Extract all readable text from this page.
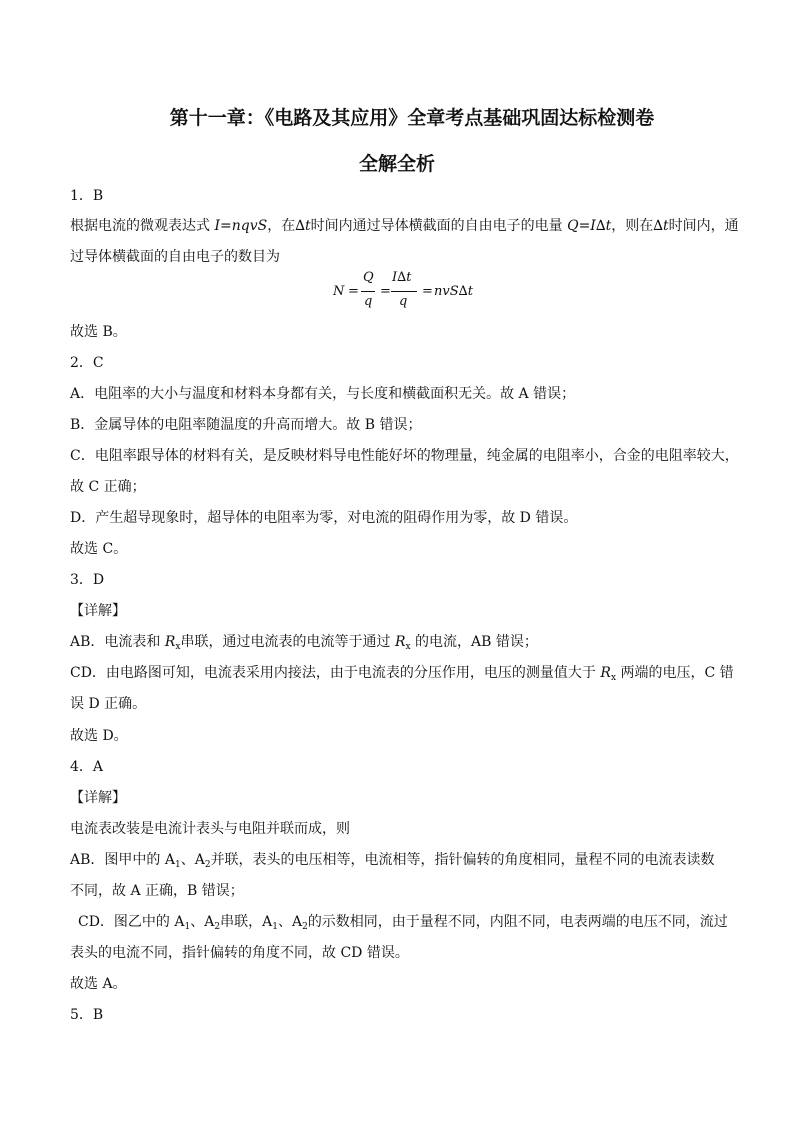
第十一章：《电路及其应用》全章考点基础巩固达标检测卷
全解全析
1．B
根据电流的微观表达式 I=nqvS，在∆t时间内通过导体横截面的自由电子的电量 Q=I∆t，则在∆t时间内，通
过导体横截面的自由电子的数目为
N =
Q
q
=
I∆t
q
= nvS∆t
故选 B。
2．C
A．电阻率的大小与温度和材料本身都有关，与长度和横截面积无关。故 A 错误；
B．金属导体的电阻率随温度的升高而增大。故 B 错误；
C．电阻率跟导体的材料有关，是反映材料导电性能好坏的物理量，纯金属的电阻率小，合金的电阻率较大，
故 C 正确；
D．产生超导现象时，超导体的电阻率为零，对电流的阻碍作用为零，故 D 错误。
故选 C。
3．D
【详解】
AB．电流表和 $R_x$串联，通过电流表的电流等于通过 $R_x$ 的电流，AB 错误；
CD．由电路图可知，电流表采用内接法，由于电流表的分压作用，电压的测量值大于 $R_x$ 两端的电压，C 错
误 D 正确。
故选 D。
4．A
【详解】
电流表改装是电流计表头与电阻并联而成，则
AB．图甲中的 $A_1$、$A_2$并联，表头的电压相等，电流相等，指针偏转的角度相同，量程不同的电流表读数
不同，故 A 正确，B 错误；
CD．图乙中的 $A_1$、$A_2$串联，$A_1$、$A_2$的示数相同，由于量程不同，内阻不同，电表两端的电压不同，流过
表头的电流不同，指针偏转的角度不同，故 CD 错误。
故选 A。
5．B
